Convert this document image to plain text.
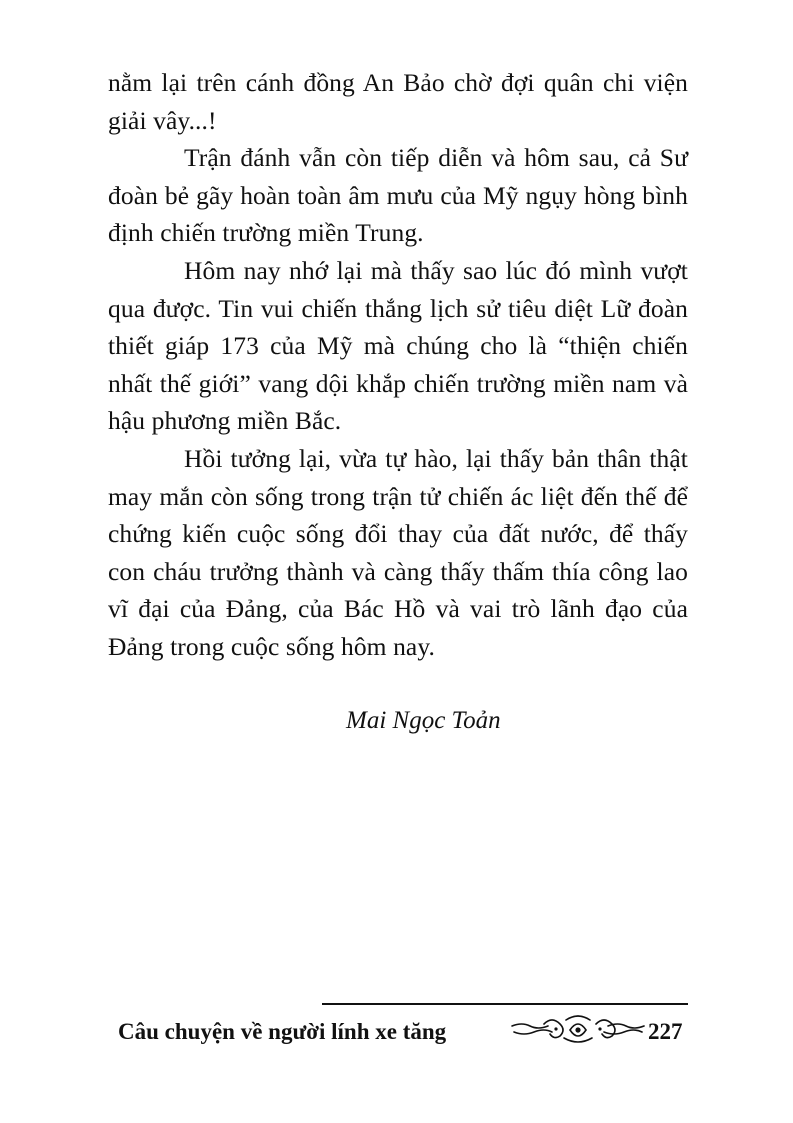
nằm lại trên cánh đồng An Bảo chờ đợi quân chi viện giải vây...!

Trận đánh vẫn còn tiếp diễn và hôm sau, cả Sư đoàn bẻ gãy hoàn toàn âm mưu của Mỹ ngụy hòng bình định chiến trường miền Trung.

Hôm nay nhớ lại mà thấy sao lúc đó mình vượt qua được. Tin vui chiến thắng lịch sử tiêu diệt Lữ đoàn thiết giáp 173 của Mỹ mà chúng cho là “thiện chiến nhất thế giới” vang dội khắp chiến trường miền nam và hậu phương miền Bắc.

Hồi tưởng lại, vừa tự hào, lại thấy bản thân thật may mắn còn sống trong trận tử chiến ác liệt đến thế để chứng kiến cuộc sống đổi thay của đất nước, để thấy con cháu trưởng thành và càng thấy thấm thía công lao vĩ đại của Đảng, của Bác Hồ và vai trò lãnh đạo của Đảng trong cuộc sống hôm nay.

Mai Ngọc Toản
Câu chuyện về người lính xe tăng	227
